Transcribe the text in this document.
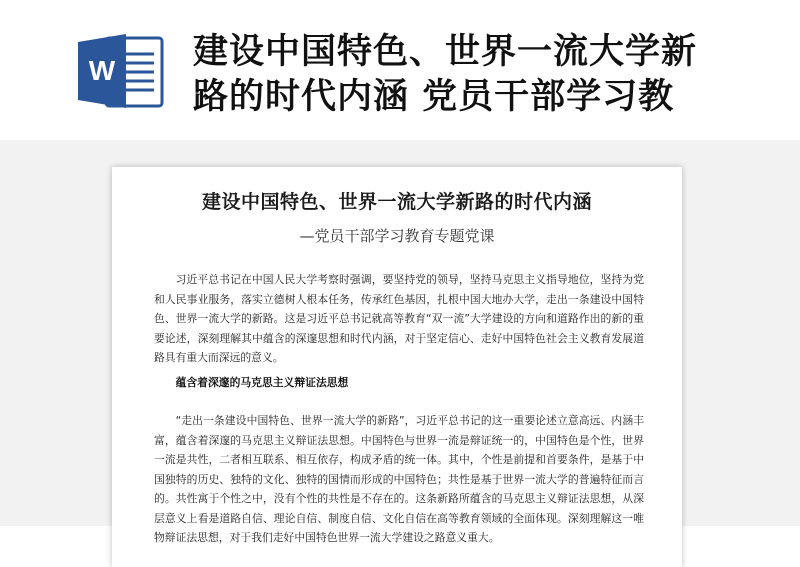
W 建设中国特色、世界一流大学新
路的时代内涵 党员干部学习教
建设中国特色、世界一流大学新路的时代内涵

—党员干部学习教育专题党课

习近平总书记在中国人民大学考察时强调，要坚持党的领导，坚持马克思主义指导地位，坚持为党和人民事业服务，落实立德树人根本任务，传承红色基因，扎根中国大地办大学，走出一条建设中国特色、世界一流大学的新路。这是习近平总书记就高等教育“双一流”大学建设的方向和道路作出的新的重要论述，深刻理解其中蕴含的深邃思想和时代内涵，对于坚定信心、走好中国特色社会主义教育发展道路具有重大而深远的意义。

蕴含着深邃的马克思主义辩证法思想

“走出一条建设中国特色、世界一流大学的新路”，习近平总书记的这一重要论述立意高远、内涵丰富，蕴含着深邃的马克思主义辩证法思想。中国特色与世界一流是辩证统一的，中国特色是个性，世界一流是共性，二者相互联系、相互依存，构成矛盾的统一体。其中，个性是前提和首要条件，是基于中国独特的历史、独特的文化、独特的国情而形成的中国特色；共性是基于世界一流大学的普遍特征而言的。共性寓于个性之中，没有个性的共性是不存在的。这条新路所蕴含的马克思主义辩证法思想，从深层意义上看是道路自信、理论自信、制度自信、文化自信在高等教育领域的全面体现。深刻理解这一唯物辩证法思想，对于我们走好中国特色世界一流大学建设之路意义重大。
